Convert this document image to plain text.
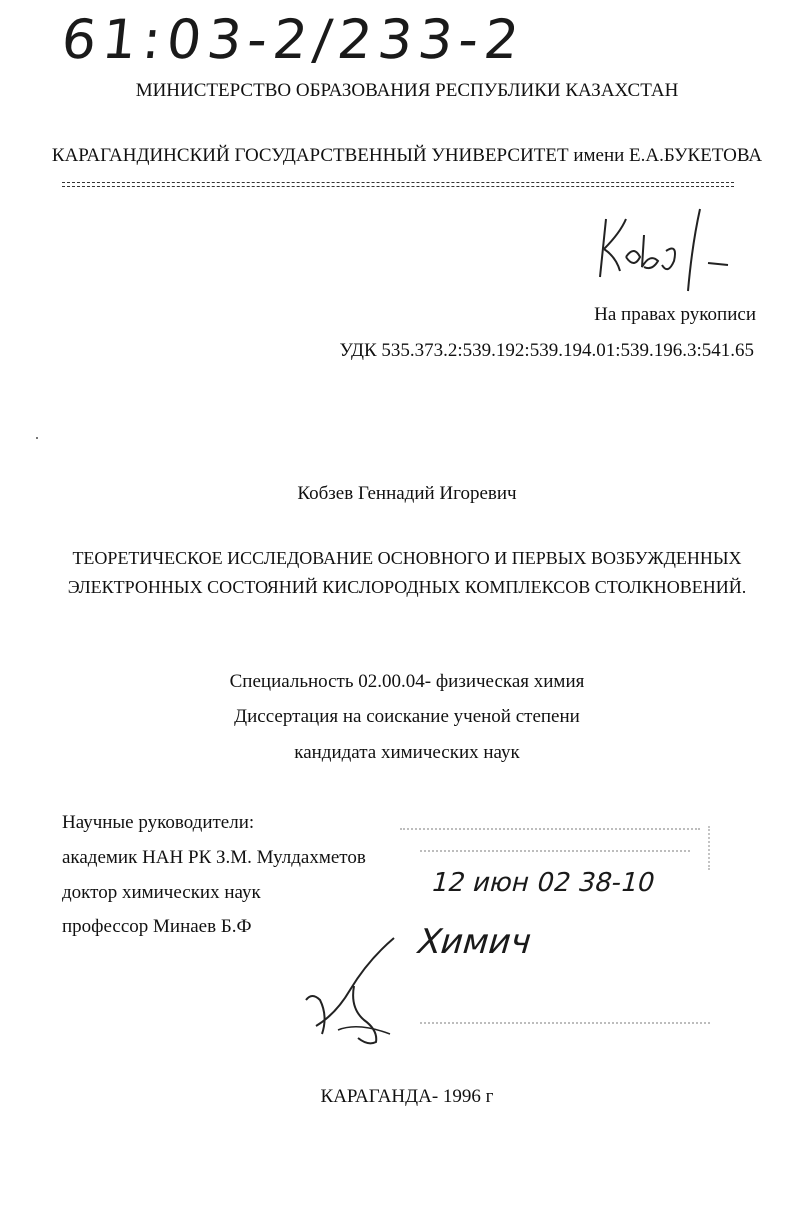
61:03-2/233-2
МИНИСТЕРСТВО ОБРАЗОВАНИЯ РЕСПУБЛИКИ КАЗАХСТАН
КАРАГАНДИНСКИЙ ГОСУДАРСТВЕННЫЙ УНИВЕРСИТЕТ имени Е.А.БУКЕТОВА
На правах рукописи
УДК 535.373.2:539.192:539.194.01:539.196.3:541.65
Кобзев Геннадий Игоревич
ТЕОРЕТИЧЕСКОЕ ИССЛЕДОВАНИЕ ОСНОВНОГО И ПЕРВЫХ ВОЗБУЖДЕННЫХ
ЭЛЕКТРОННЫХ СОСТОЯНИЙ КИСЛОРОДНЫХ КОМПЛЕКСОВ СТОЛКНОВЕНИЙ.
Специальность 02.00.04- физическая химия
Диссертация на соискание ученой степени
кандидата химических наук
Научные руководители:
академик НАН РК З.М. Мулдахметов
доктор химических наук
профессор Минаев Б.Ф
12 июн 02 38-10
Химич
КАРАГАНДА- 1996 г
